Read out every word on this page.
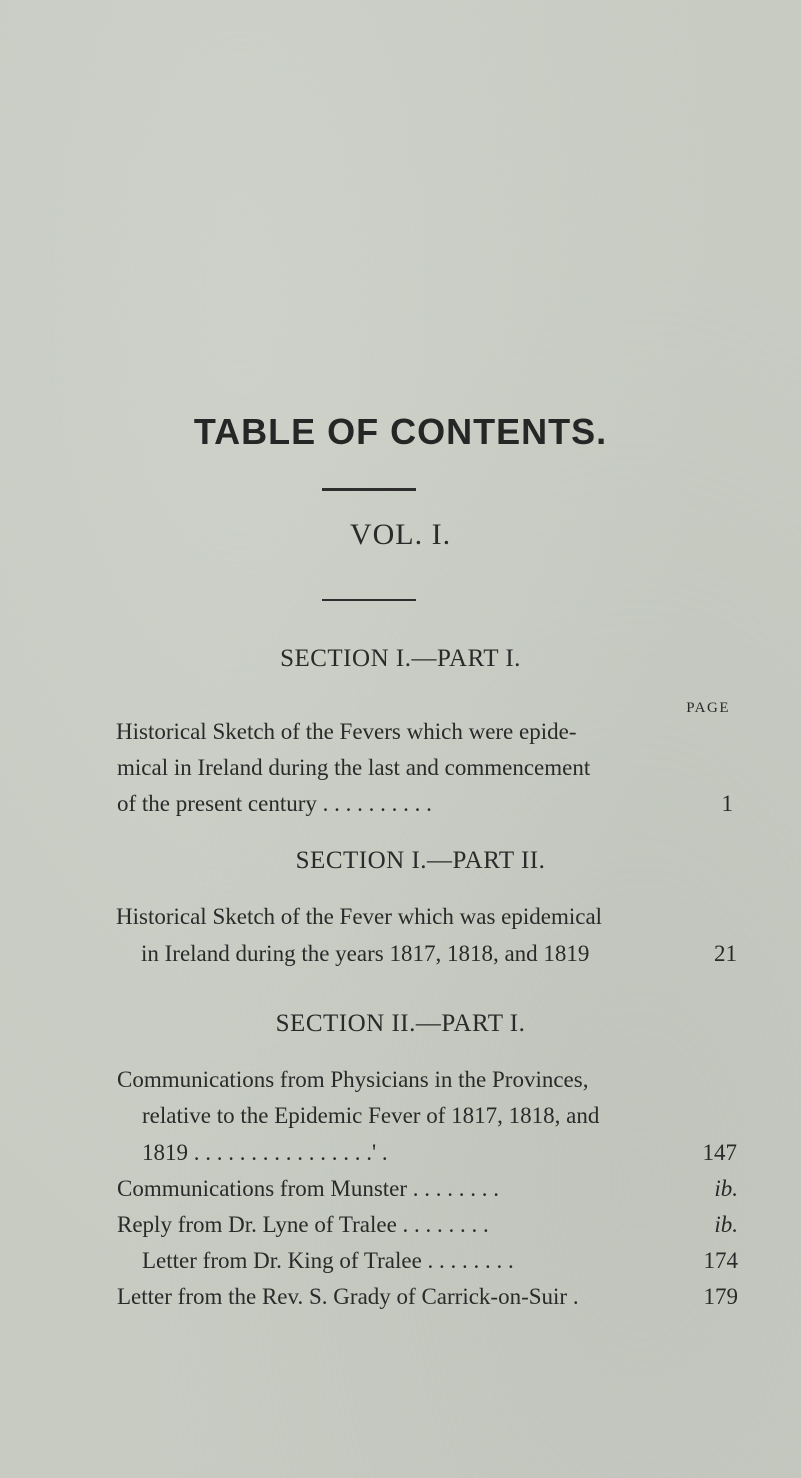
TABLE OF CONTENTS.
VOL. I.
SECTION I.—PART I.
PAGE
Historical Sketch of the Fevers which were epide-
mical in Ireland during the last and commencement
of the present century . . . . . . . . . .	1
SECTION I.—PART II.
Historical Sketch of the Fever which was epidemical
in Ireland during the years 1817, 1818, and 1819	21
SECTION II.—PART I.
Communications from Physicians in the Provinces,
relative to the Epidemic Fever of 1817, 1818, and
1819 . . . . . . . . . . . . . . . .' .	147
Communications from Munster . . . . . . . .	ib.
Reply from Dr. Lyne of Tralee . . . . . . . .	ib.
Letter from Dr. King of Tralee . . . . . . . .	174
Letter from the Rev. S. Grady of Carrick-on-Suir .	179
